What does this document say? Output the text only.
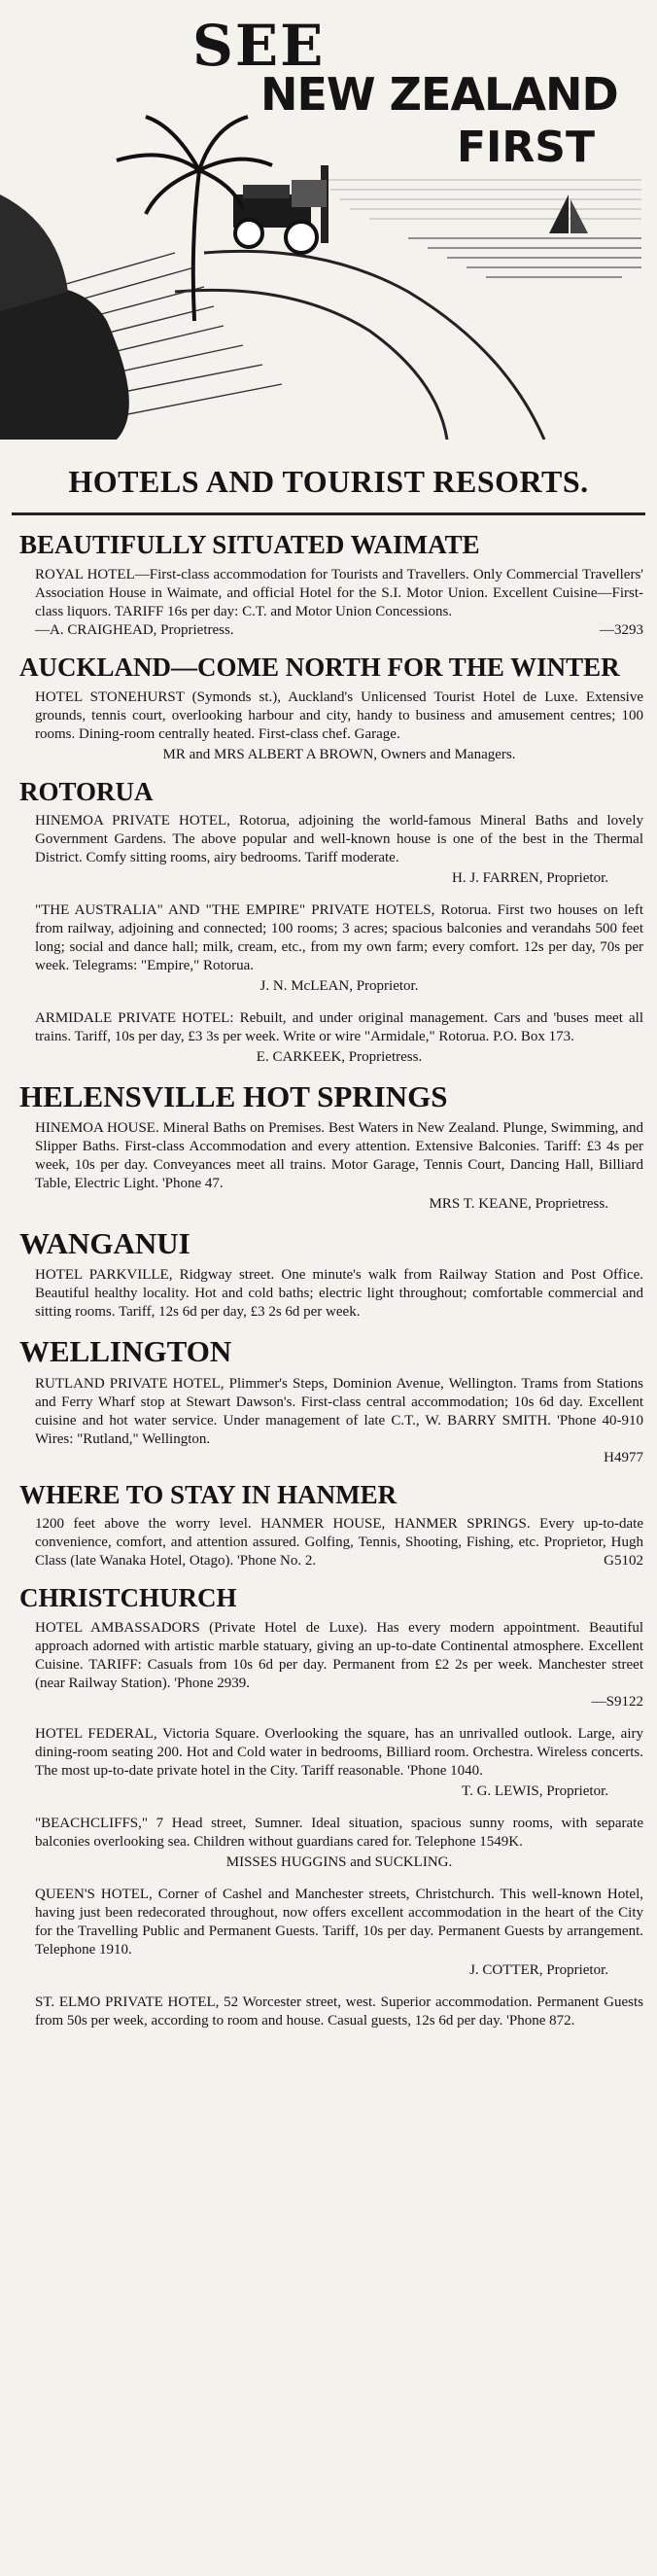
SEE
NEW ZEALAND
FIRST
HOTELS AND TOURIST RESORTS.
BEAUTIFULLY SITUATED WAIMATE
ROYAL HOTEL—First-class accommodation for Tourists and Travellers. Only Commercial Travellers' Association House in Waimate, and official Hotel for the S.I. Motor Union. Excellent Cuisine—First-class liquors. TARIFF 16s per day: C.T. and Motor Union Concessions.
—A. CRAIGHEAD, Proprietress.	—3293
AUCKLAND—COME NORTH FOR THE WINTER
HOTEL STONEHURST (Symonds st.), Auckland's Unlicensed Tourist Hotel de Luxe. Extensive grounds, tennis court, overlooking harbour and city, handy to business and amusement centres; 100 rooms. Dining-room centrally heated. First-class chef. Garage.
MR and MRS ALBERT A BROWN, Owners and Managers.
ROTORUA
HINEMOA PRIVATE HOTEL, Rotorua, adjoining the world-famous Mineral Baths and lovely Government Gardens. The above popular and well-known house is one of the best in the Thermal District. Comfy sitting rooms, airy bedrooms. Tariff moderate.
H. J. FARREN, Proprietor.
"THE AUSTRALIA" AND "THE EMPIRE" PRIVATE HOTELS, Rotorua. First two houses on left from railway, adjoining and connected; 100 rooms; 3 acres; spacious balconies and verandahs 500 feet long; social and dance hall; milk, cream, etc., from my own farm; every comfort. 12s per day, 70s per week. Telegrams: "Empire," Rotorua.
J. N. McLEAN, Proprietor.
ARMIDALE PRIVATE HOTEL: Rebuilt, and under original management. Cars and 'buses meet all trains. Tariff, 10s per day, £3 3s per week. Write or wire "Armidale," Rotorua. P.O. Box 173.
E. CARKEEK, Proprietress.
HELENSVILLE HOT SPRINGS
HINEMOA HOUSE. Mineral Baths on Premises. Best Waters in New Zealand. Plunge, Swimming, and Slipper Baths. First-class Accommodation and every attention. Extensive Balconies. Tariff: £3 4s per week, 10s per day. Conveyances meet all trains. Motor Garage, Tennis Court, Dancing Hall, Billiard Table, Electric Light. 'Phone 47.
MRS T. KEANE, Proprietress.
WANGANUI
HOTEL PARKVILLE, Ridgway street. One minute's walk from Railway Station and Post Office. Beautiful healthy locality. Hot and cold baths; electric light throughout; comfortable commercial and sitting rooms. Tariff, 12s 6d per day, £3 2s 6d per week.
WELLINGTON
RUTLAND PRIVATE HOTEL, Plimmer's Steps, Dominion Avenue, Wellington. Trams from Stations and Ferry Wharf stop at Stewart Dawson's. First-class central accommodation; 10s 6d day. Excellent cuisine and hot water service. Under management of late C.T., W. BARRY SMITH. 'Phone 40-910 Wires: "Rutland," Wellington.
H4977
WHERE TO STAY IN HANMER
1200 feet above the worry level. HANMER HOUSE, HANMER SPRINGS. Every up-to-date convenience, comfort, and attention assured. Golfing, Tennis, Shooting, Fishing, etc. Proprietor, Hugh Class (late Wanaka Hotel, Otago). 'Phone No. 2.	G5102
CHRISTCHURCH
HOTEL AMBASSADORS (Private Hotel de Luxe). Has every modern appointment. Beautiful approach adorned with artistic marble statuary, giving an up-to-date Continental atmosphere. Excellent Cuisine. TARIFF: Casuals from 10s 6d per day. Permanent from £2 2s per week. Manchester street (near Railway Station). 'Phone 2939.
—S9122
HOTEL FEDERAL, Victoria Square. Overlooking the square, has an unrivalled outlook. Large, airy dining-room seating 200. Hot and Cold water in bedrooms, Billiard room. Orchestra. Wireless concerts. The most up-to-date private hotel in the City. Tariff reasonable. 'Phone 1040.
T. G. LEWIS, Proprietor.
"BEACHCLIFFS," 7 Head street, Sumner. Ideal situation, spacious sunny rooms, with separate balconies overlooking sea. Children without guardians cared for. Telephone 1549K.
MISSES HUGGINS and SUCKLING.
QUEEN'S HOTEL, Corner of Cashel and Manchester streets, Christchurch. This well-known Hotel, having just been redecorated throughout, now offers excellent accommodation in the heart of the City for the Travelling Public and Permanent Guests. Tariff, 10s per day. Permanent Guests by arrangement. Telephone 1910.
J. COTTER, Proprietor.
ST. ELMO PRIVATE HOTEL, 52 Worcester street, west. Superior accommodation. Permanent Guests from 50s per week, according to room and house. Casual guests, 12s 6d per day. 'Phone 872.
